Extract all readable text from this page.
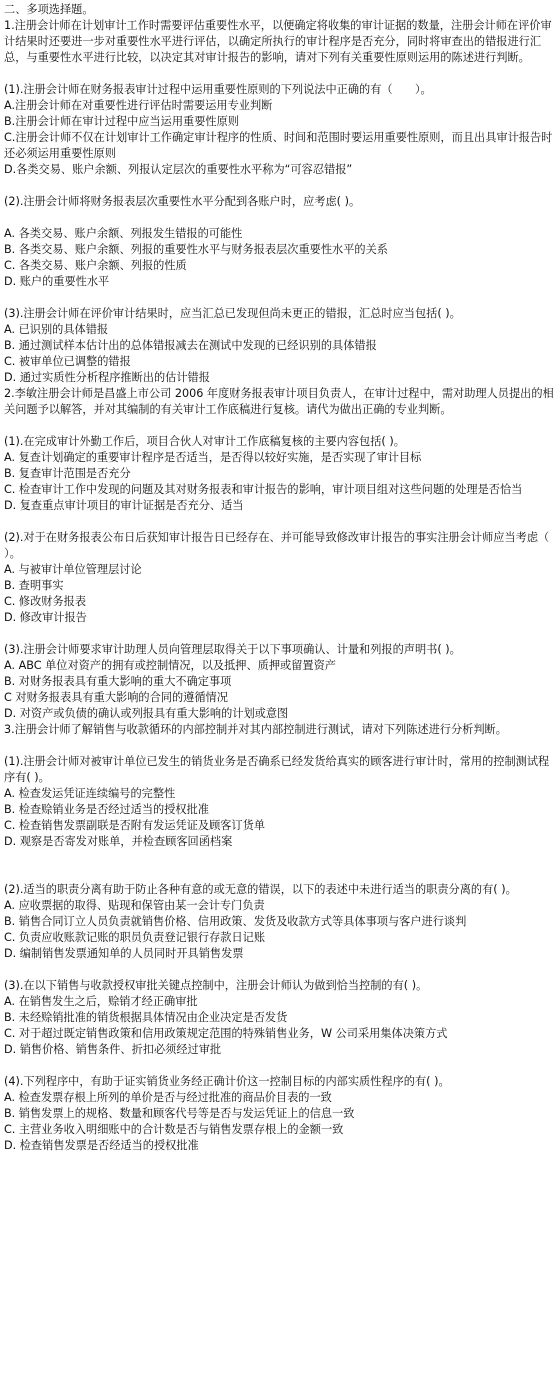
二、多项选择题。

1.注册会计师在计划审计工作时需要评估重要性水平，以便确定将收集的审计证据的数量，注册会计师在评价审计结果时还要进一步对重要性水平进行评估，以确定所执行的审计程序是否充分，同时将审查出的错报进行汇总，与重要性水平进行比较，以决定其对审计报告的影响，请对下列有关重要性原则运用的陈述进行判断。

(1).注册会计师在财务报表审计过程中运用重要性原则的下列说法中正确的有（　　）。

A.注册会计师在对重要性进行评估时需要运用专业判断

B.注册会计师在审计过程中应当运用重要性原则

C.注册会计师不仅在计划审计工作确定审计程序的性质、时间和范围时要运用重要性原则，而且出具审计报告时还必须运用重要性原则

D.各类交易、账户余额、列报认定层次的重要性水平称为“可容忍错报”

(2).注册会计师将财务报表层次重要性水平分配到各账户时，应考虑( )。

A. 各类交易、账户余额、列报发生错报的可能性

B. 各类交易、账户余额、列报的重要性水平与财务报表层次重要性水平的关系

C. 各类交易、账户余额、列报的性质

D. 账户的重要性水平

(3).注册会计师在评价审计结果时，应当汇总已发现但尚未更正的错报，汇总时应当包括( )。

A. 已识别的具体错报

B. 通过测试样本估计出的总体错报减去在测试中发现的已经识别的具体错报

C. 被审单位已调整的错报

D. 通过实质性分析程序推断出的估计错报

2.李敏注册会计师是昌盛上市公司 2006 年度财务报表审计项目负责人，在审计过程中，需对助理人员提出的相关问题予以解答，并对其编制的有关审计工作底稿进行复核。请代为做出正确的专业判断。

(1).在完成审计外勤工作后，项目合伙人对审计工作底稿复核的主要内容包括( )。

A. 复查计划确定的重要审计程序是否适当，是否得以较好实施，是否实现了审计目标

B. 复查审计范围是否充分

C. 检查审计工作中发现的问题及其对财务报表和审计报告的影响，审计项目组对这些问题的处理是否恰当

D. 复查重点审计项目的审计证据是否充分、适当

(2).对于在财务报表公布日后获知审计报告日已经存在、并可能导致修改审计报告的事实注册会计师应当考虑（ ）。

A. 与被审计单位管理层讨论

B. 查明事实

C. 修改财务报表

D. 修改审计报告

(3).注册会计师要求审计助理人员向管理层取得关于以下事项确认、计量和列报的声明书( )。

A. ABC 单位对资产的拥有或控制情况，以及抵押、质押或留置资产

B. 对财务报表具有重大影响的重大不确定事项

C 对财务报表具有重大影响的合同的遵循情况

D. 对资产或负债的确认或列报具有重大影响的计划或意图

3.注册会计师了解销售与收款循环的内部控制并对其内部控制进行测试，请对下列陈述进行分析判断。

(1).注册会计师对被审计单位已发生的销货业务是否确系已经发货给真实的顾客进行审计时，常用的控制测试程序有( )。

A. 检查发运凭证连续编号的完整性

B. 检查赊销业务是否经过适当的授权批准

C. 检查销售发票副联是否附有发运凭证及顾客订货单

D. 观察是否寄发对账单，并检查顾客回函档案

(2).适当的职责分离有助于防止各种有意的或无意的错误，以下的表述中未进行适当的职责分离的有( )。

A. 应收票据的取得、贴现和保管由某一会计专门负责

B. 销售合同订立人员负责就销售价格、信用政策、发货及收款方式等具体事项与客户进行谈判

C. 负责应收账款记账的职员负责登记银行存款日记账

D. 编制销售发票通知单的人员同时开具销售发票

(3).在以下销售与收款授权审批关键点控制中，注册会计师认为做到恰当控制的有( )。

A. 在销售发生之后，赊销才经正确审批

B. 未经赊销批准的销货根据具体情况由企业决定是否发货

C. 对于超过既定销售政策和信用政策规定范围的特殊销售业务，W 公司采用集体决策方式

D. 销售价格、销售条件、折扣必须经过审批

(4).下列程序中，有助于证实销货业务经正确计价这一控制目标的内部实质性程序的有( )。

A. 检查发票存根上所列的单价是否与经过批准的商品价目表的一致

B. 销售发票上的规格、数量和顾客代号等是否与发运凭证上的信息一致

C. 主营业务收入明细账中的合计数是否与销售发票存根上的金额一致

D. 检查销售发票是否经适当的授权批准
